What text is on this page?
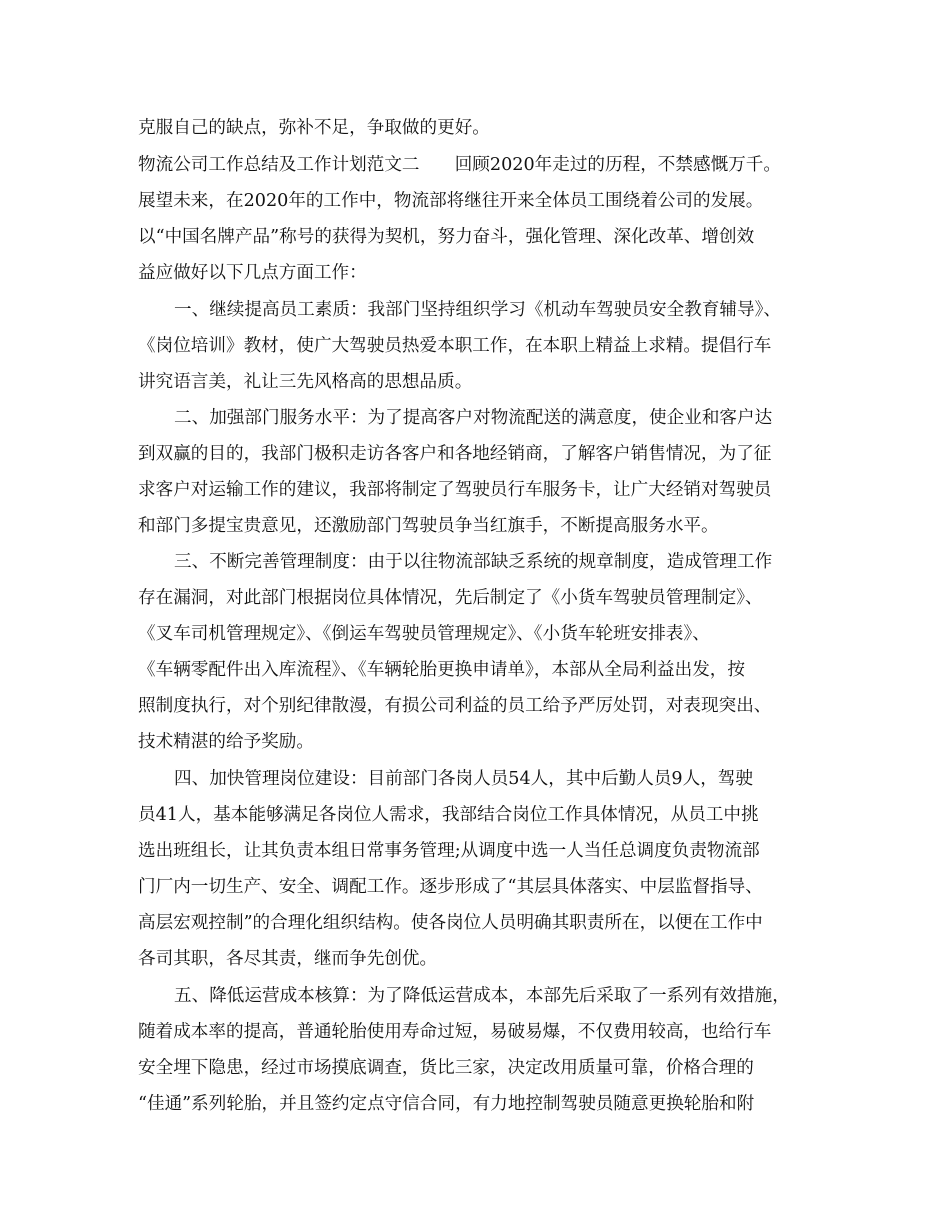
克服自己的缺点，弥补不足，争取做的更好。

物流公司工作总结及工作计划范文二　　回顾2020年走过的历程，不禁感慨万千。

展望未来，在2020年的工作中，物流部将继往开来全体员工围绕着公司的发展。

以“中国名牌产品”称号的获得为契机，努力奋斗，强化管理、深化改革、增创效

益应做好以下几点方面工作：

一、继续提高员工素质：我部门坚持组织学习《机动车驾驶员安全教育辅导》、

《岗位培训》教材，使广大驾驶员热爱本职工作，在本职上精益上求精。提倡行车

讲究语言美，礼让三先风格高的思想品质。

二、加强部门服务水平：为了提高客户对物流配送的满意度，使企业和客户达

到双赢的目的，我部门极积走访各客户和各地经销商，了解客户销售情况，为了征

求客户对运输工作的建议，我部将制定了驾驶员行车服务卡，让广大经销对驾驶员

和部门多提宝贵意见，还激励部门驾驶员争当红旗手，不断提高服务水平。

三、不断完善管理制度：由于以往物流部缺乏系统的规章制度，造成管理工作

存在漏洞，对此部门根据岗位具体情况，先后制定了《小货车驾驶员管理制定》、

《叉车司机管理规定》、《倒运车驾驶员管理规定》、《小货车轮班安排表》、

《车辆零配件出入库流程》、《车辆轮胎更换申请单》，本部从全局利益出发，按

照制度执行，对个别纪律散漫，有损公司利益的员工给予严厉处罚，对表现突出、

技术精湛的给予奖励。

四、加快管理岗位建设：目前部门各岗人员54人，其中后勤人员9人，驾驶

员41人，基本能够满足各岗位人需求，我部结合岗位工作具体情况，从员工中挑

选出班组长，让其负责本组日常事务管理;从调度中选一人当任总调度负责物流部

门厂内一切生产、安全、调配工作。逐步形成了“其层具体落实、中层监督指导、

高层宏观控制”的合理化组织结构。使各岗位人员明确其职责所在，以便在工作中

各司其职，各尽其责，继而争先创优。

五、降低运营成本核算：为了降低运营成本，本部先后采取了一系列有效措施，

随着成本率的提高，普通轮胎使用寿命过短，易破易爆，不仅费用较高，也给行车

安全埋下隐患，经过市场摸底调查，货比三家，决定改用质量可靠，价格合理的

“佳通”系列轮胎，并且签约定点守信合同，有力地控制驾驶员随意更换轮胎和附
